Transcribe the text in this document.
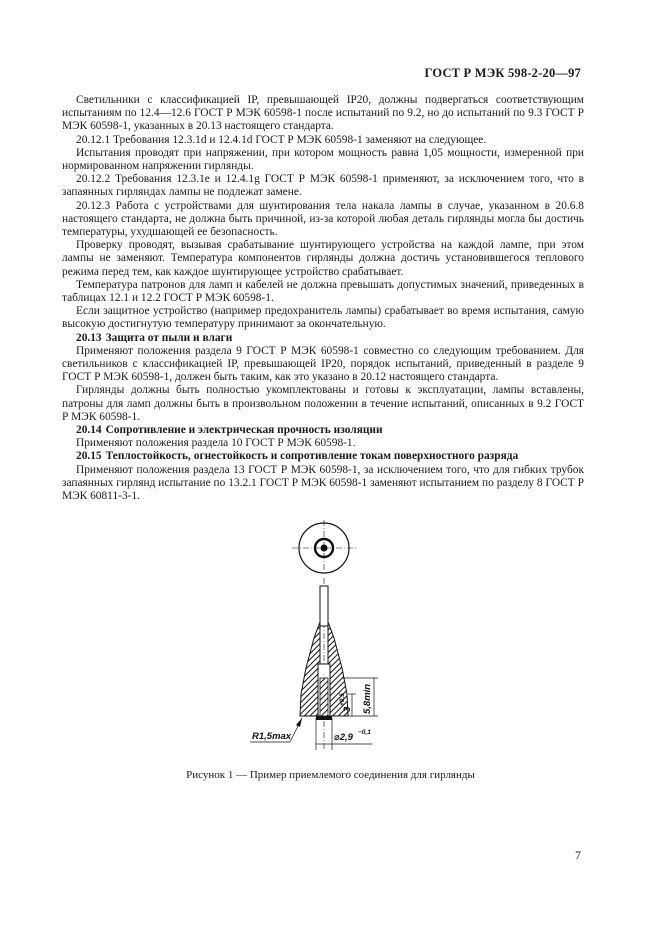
ГОСТ Р МЭК 598-2-20—97

Светильники с классификацией IP, превышающей IP20, должны подвергаться соответствующим испытаниям по 12.4—12.6 ГОСТ Р МЭК 60598-1 после испытаний по 9.2, но до испытаний по 9.3 ГОСТ Р МЭК 60598-1, указанных в 20.13 настоящего стандарта.

20.12.1 Требования 12.3.1d и 12.4.1d ГОСТ Р МЭК 60598-1 заменяют на следующее.

Испытания проводят при напряжении, при котором мощность равна 1,05 мощности, измеренной при нормированном напряжении гирлянды.

20.12.2 Требования 12.3.1e и 12.4.1g ГОСТ Р МЭК 60598-1 применяют, за исключением того, что в запаянных гирляндах лампы не подлежат замене.

20.12.3 Работа с устройствами для шунтирования тела накала лампы в случае, указанном в 20.6.8 настоящего стандарта, не должна быть причиной, из-за которой любая деталь гирлянды могла бы достичь температуры, ухудшающей ее безопасность.

Проверку проводят, вызывая срабатывание шунтирующего устройства на каждой лампе, при этом лампы не заменяют. Температура компонентов гирлянды должна достичь установившегося теплового режима перед тем, как каждое шунтирующее устройство срабатывает.

Температура патронов для ламп и кабелей не должна превышать допустимых значений, приведенных в таблицах 12.1 и 12.2 ГОСТ Р МЭК 60598-1.

Если защитное устройство (например предохранитель лампы) срабатывает во время испытания, самую высокую достигнутую температуру принимают за окончательную.

20.13 Защита от пыли и влаги

Применяют положения раздела 9 ГОСТ Р МЭК 60598-1 совместно со следующим требованием. Для светильников с классификацией IP, превышающей IP20, порядок испытаний, приведенный в разделе 9 ГОСТ Р МЭК 60598-1, должен быть таким, как это указано в 20.12 настоящего стандарта.

Гирлянды должны быть полностью укомплектованы и готовы к эксплуатации, лампы вставлены, патроны для ламп должны быть в произвольном положении в течение испытаний, описанных в 9.2 ГОСТ Р МЭК 60598-1.

20.14 Сопротивление и электрическая прочность изоляции

Применяют положения раздела 10 ГОСТ Р МЭК 60598-1.

20.15 Теплостойкость, огнестойкость и сопротивление токам поверхностного разряда

Применяют положения раздела 13 ГОСТ Р МЭК 60598-1, за исключением того, что для гибких трубок запаянных гирлянд испытание по 13.2.1 ГОСТ Р МЭК 60598-1 заменяют испытанием по разделу 8 ГОСТ Р МЭК 60811-3-1.

R1,5max
5,8min
3
+0,5
⌀2,9 −0,1
Рисунок 1 — Пример приемлемого соединения для гирлянды
7
